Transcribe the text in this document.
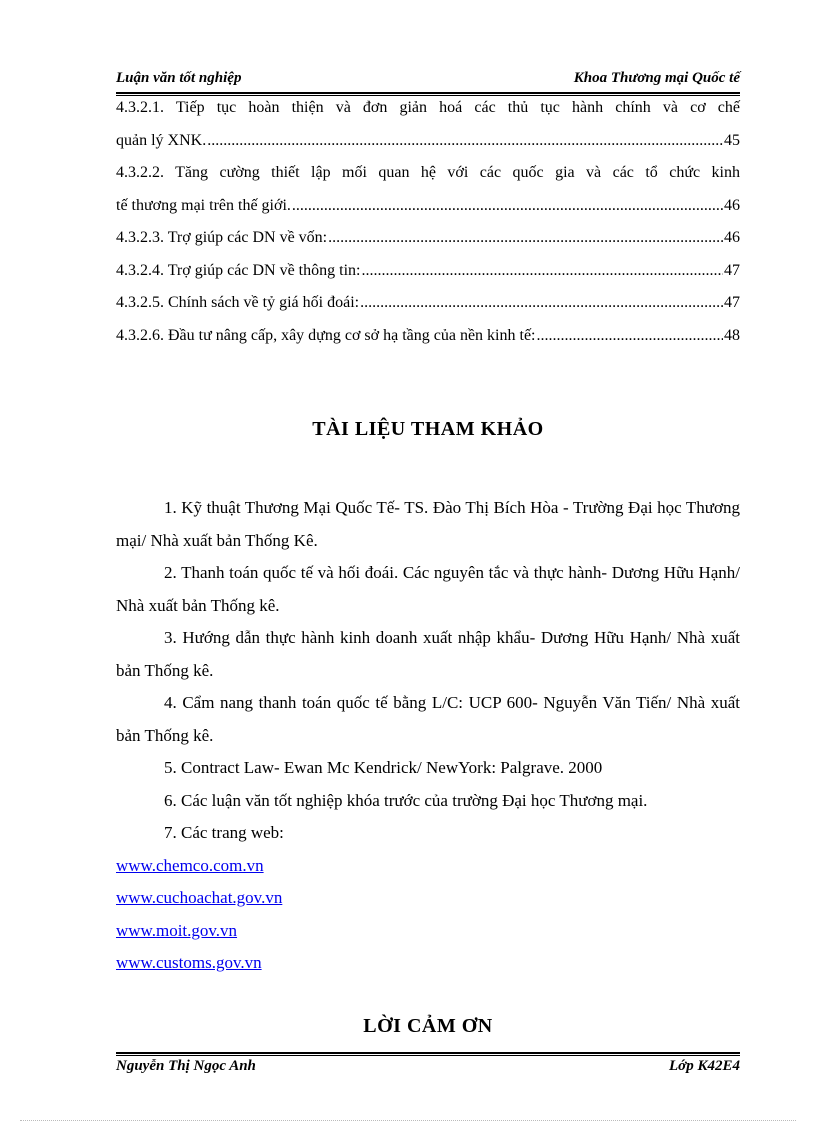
Luận văn tốt nghiệp	Khoa Thương mại Quốc tế
4.3.2.1. Tiếp tục hoàn thiện và đơn giản hoá các thủ tục hành chính và cơ chế
quản lý XNK. .....	45
4.3.2.2. Tăng cường thiết lập mối quan hệ với các quốc gia và các tổ chức kinh
tế thương mại trên thế giới. .....	46
4.3.2.3. Trợ giúp các DN về vốn: .....	46
4.3.2.4. Trợ giúp các DN về thông tin: .....	47
4.3.2.5. Chính sách về tỷ giá hối đoái: .....	47
4.3.2.6. Đầu tư nâng cấp, xây dựng cơ sở hạ tầng của nền kinh tế: .....	48
TÀI LIỆU THAM KHẢO

1. Kỹ thuật Thương Mại Quốc Tế- TS. Đào Thị Bích Hòa - Trường Đại học Thương mại/ Nhà xuất bản Thống Kê.

2. Thanh toán quốc tế và hối đoái. Các nguyên tắc và thực hành- Dương Hữu Hạnh/ Nhà xuất bản Thống kê.

3. Hướng dẫn thực hành kinh doanh xuất nhập khẩu- Dương Hữu Hạnh/ Nhà xuất bản Thống kê.

4. Cẩm nang thanh toán quốc tế bằng L/C: UCP 600- Nguyễn Văn Tiến/ Nhà xuất bản Thống kê.

5. Contract Law- Ewan Mc Kendrick/ NewYork: Palgrave. 2000

6. Các luận văn tốt nghiệp khóa trước của trường Đại học Thương mại.

7. Các trang web:

www.chemco.com.vn
www.cuchoachat.gov.vn
www.moit.gov.vn
www.customs.gov.vn
LỜI CẢM ƠN
Nguyễn Thị Ngọc Anh	Lớp K42E4
